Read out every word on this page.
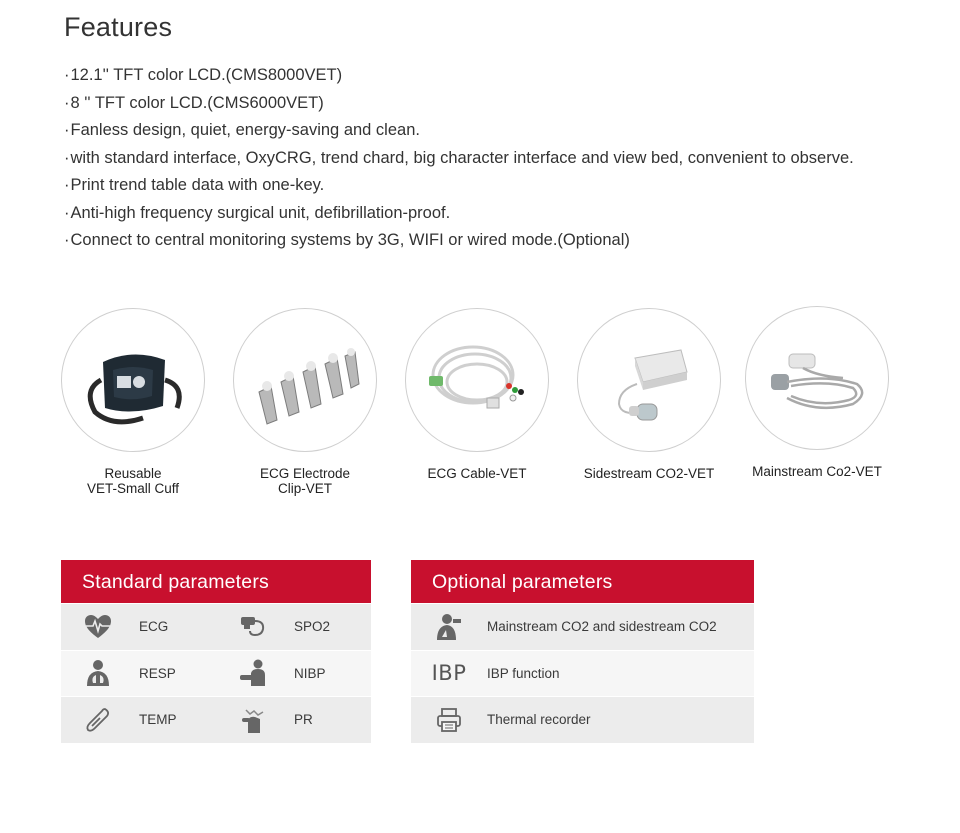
Features
· 12.1'' TFT color LCD.(CMS8000VET)
· 8 '' TFT color LCD.(CMS6000VET)
· Fanless design, quiet, energy-saving and clean.
· with standard interface, OxyCRG, trend chard, big character interface and view bed, convenient to observe.
· Print trend table data with one-key.
· Anti-high frequency surgical unit, defibrillation-proof.
· Connect to central monitoring systems by 3G, WIFI or wired mode.(Optional)
Reusable
VET-Small Cuff
ECG Electrode
Clip-VET
ECG Cable-VET	Sidestream CO2-VET	Mainstream Co2-VET
Standard parameters
ECG	SPO2
RESP	NIBP
TEMP	PR
Optional parameters
Mainstream CO2 and sidestream CO2
IBP IBP function
Thermal recorder
